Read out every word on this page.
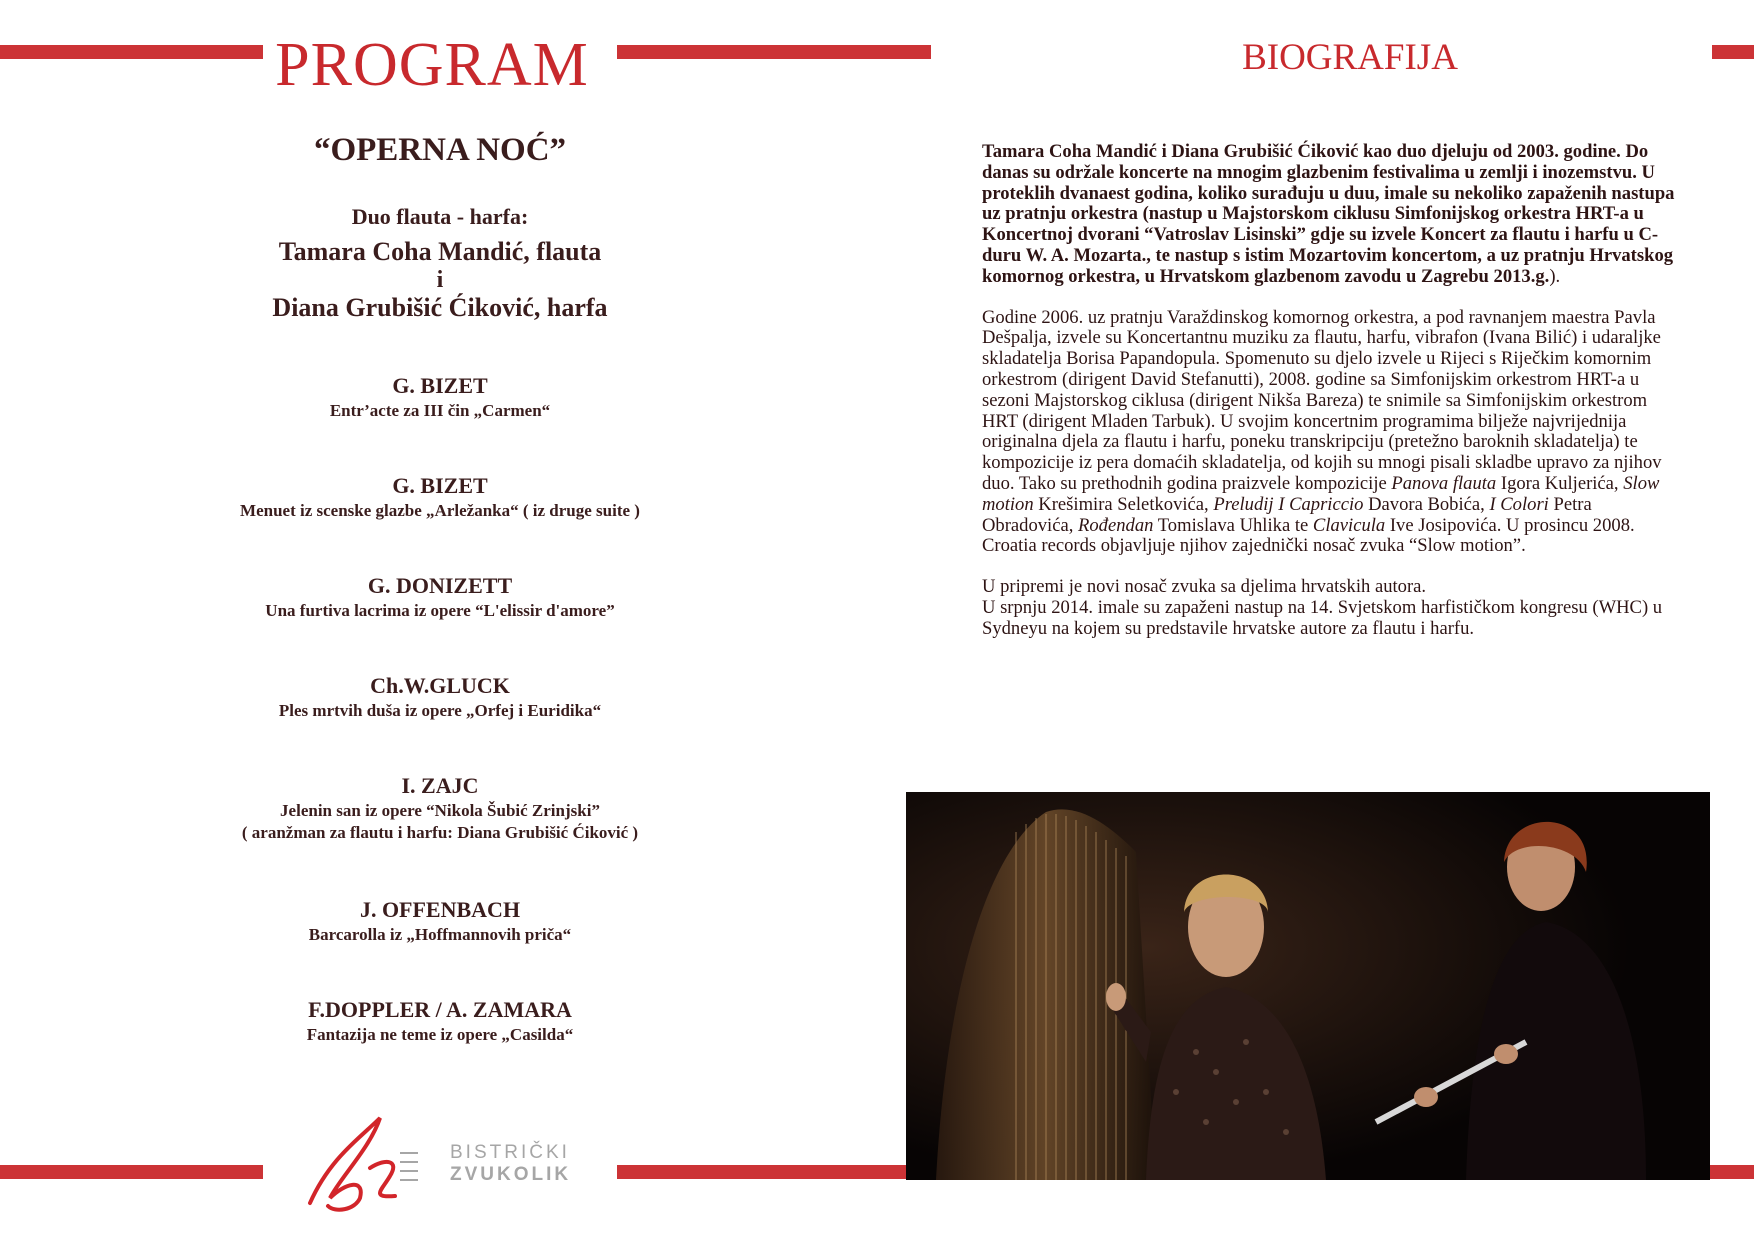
PROGRAM	BIOGRAFIJA
“OPERNA NOĆ”
Duo flauta - harfa:
Tamara Coha Mandić, flauta
i
Diana Grubišić Ćiković, harfa
G. BIZET
Entr’acte za III čin „Carmen“
G. BIZET
Menuet iz scenske glazbe „Arležanka“ ( iz druge suite )
G. DONIZETT
Una furtiva lacrima iz opere “L'elissir d'amore”
Ch.W.GLUCK
Ples mrtvih duša iz opere „Orfej i Euridika“
I. ZAJC
Jelenin san iz opere “Nikola Šubić Zrinjski”
( aranžman za flautu i harfu: Diana Grubišić Ćiković )
J. OFFENBACH
Barcarolla iz „Hoffmannovih priča“
F.DOPPLER / A. ZAMARA
Fantazija ne teme iz opere „Casilda“

Tamara Coha Mandić i Diana Grubišić Ćiković kao duo djeluju od 2003. godine. Do danas su održale koncerte na mnogim glazbenim festivalima u zemlji i inozemstvu. U proteklih dvanaest godina, koliko surađuju u duu, imale su nekoliko zapaženih nastupa uz pratnju orkestra (nastup u Majstorskom ciklusu Simfonijskog orkestra HRT-a u Koncertnoj dvorani “Vatroslav Lisinski” gdje su izvele Koncert za flautu i harfu u C-duru W. A. Mozarta., te nastup s istim Mozartovim koncertom, a uz pratnju Hrvatskog komornog orkestra, u Hrvatskom glazbenom zavodu u Zagrebu 2013.g.).

Godine 2006. uz pratnju Varaždinskog komornog orkestra, a pod ravnanjem maestra Pavla Dešpalja, izvele su Koncertantnu muziku za flautu, harfu, vibrafon (Ivana Bilić) i udaraljke skladatelja Borisa Papandopula. Spomenuto su djelo izvele u Rijeci s Riječkim komornim orkestrom (dirigent David Stefanutti), 2008. godine sa Simfonijskim orkestrom HRT-a u sezoni Majstorskog ciklusa (dirigent Nikša Bareza) te snimile sa Simfonijskim orkestrom HRT (dirigent Mladen Tarbuk). U svojim koncertnim programima bilježe najvrijednija originalna djela za flautu i harfu, poneku transkripciju (pretežno baroknih skladatelja) te kompozicije iz pera domaćih skladatelja, od kojih su mnogi pisali skladbe upravo za njihov duo. Tako su prethodnih godina praizvele kompozicije Panova flauta Igora Kuljerića, Slow motion Krešimira Seletkovića, Preludij I Capriccio Davora Bobića, I Colori Petra Obradovića, Rođendan Tomislava Uhlika te Clavicula Ive Josipovića. U prosincu 2008. Croatia records objavljuje njihov zajednički nosač zvuka “Slow motion”.

U pripremi je novi nosač zvuka sa djelima hrvatskih autora.
U srpnju 2014. imale su zapaženi nastup na 14. Svjetskom harfističkom kongresu (WHC) u Sydneyu na kojem su predstavile hrvatske autore za flautu i harfu.

BISTRIČKI
ZVUKOLIK
